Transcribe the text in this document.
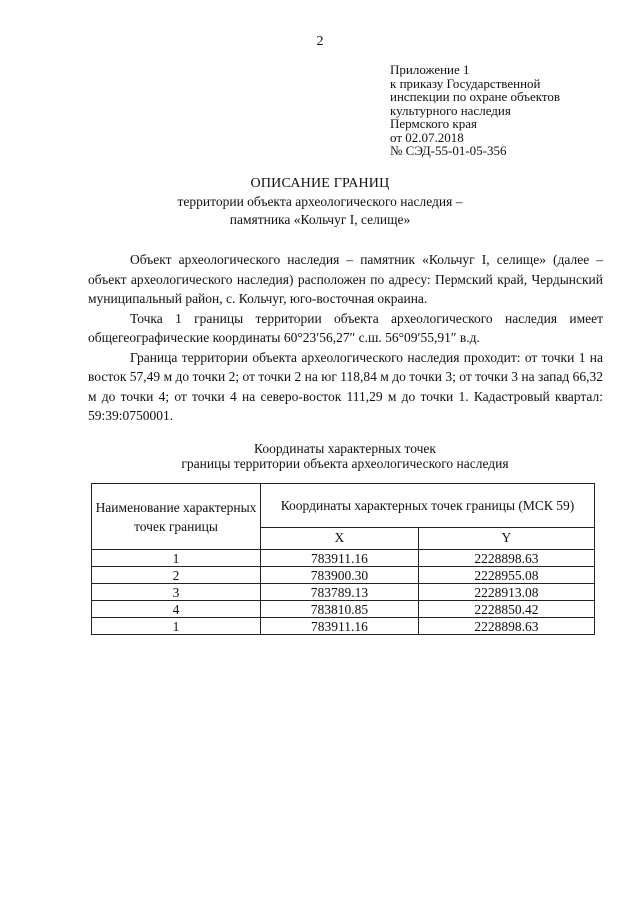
2
Приложение 1
к приказу Государственной
инспекции по охране объектов
культурного наследия
Пермского края
от 02.07.2018
№ СЭД-55-01-05-356
ОПИСАНИЕ ГРАНИЦ
территории объекта археологического наследия –
памятника «Кольчуг I, селище»

Объект археологического наследия – памятник «Кольчуг I, селище» (далее – объект археологического наследия) расположен по адресу: Пермский край, Чердынский муниципальный район, с. Кольчуг, юго-восточная окраина.

Точка 1 границы территории объекта археологического наследия имеет общегеографические координаты 60°23′56,27″ с.ш. 56°09′55,91″ в.д.

Граница территории объекта археологического наследия проходит: от точки 1 на восток 57,49 м до точки 2; от точки 2 на юг 118,84 м до точки 3; от точки 3 на запад 66,32 м до точки 4; от точки 4 на северо-восток 111,29 м до точки 1. Кадастровый квартал: 59:39:0750001.

Координаты характерных точек
границы территории объекта археологического наследия
Наименование характерных точек границы	Координаты характерных точек границы (МСК 59)	
	X	Y
1	783911.16	2228898.63
2	783900.30	2228955.08
3	783789.13	2228913.08
4	783810.85	2228850.42
1	783911.16	2228898.63
